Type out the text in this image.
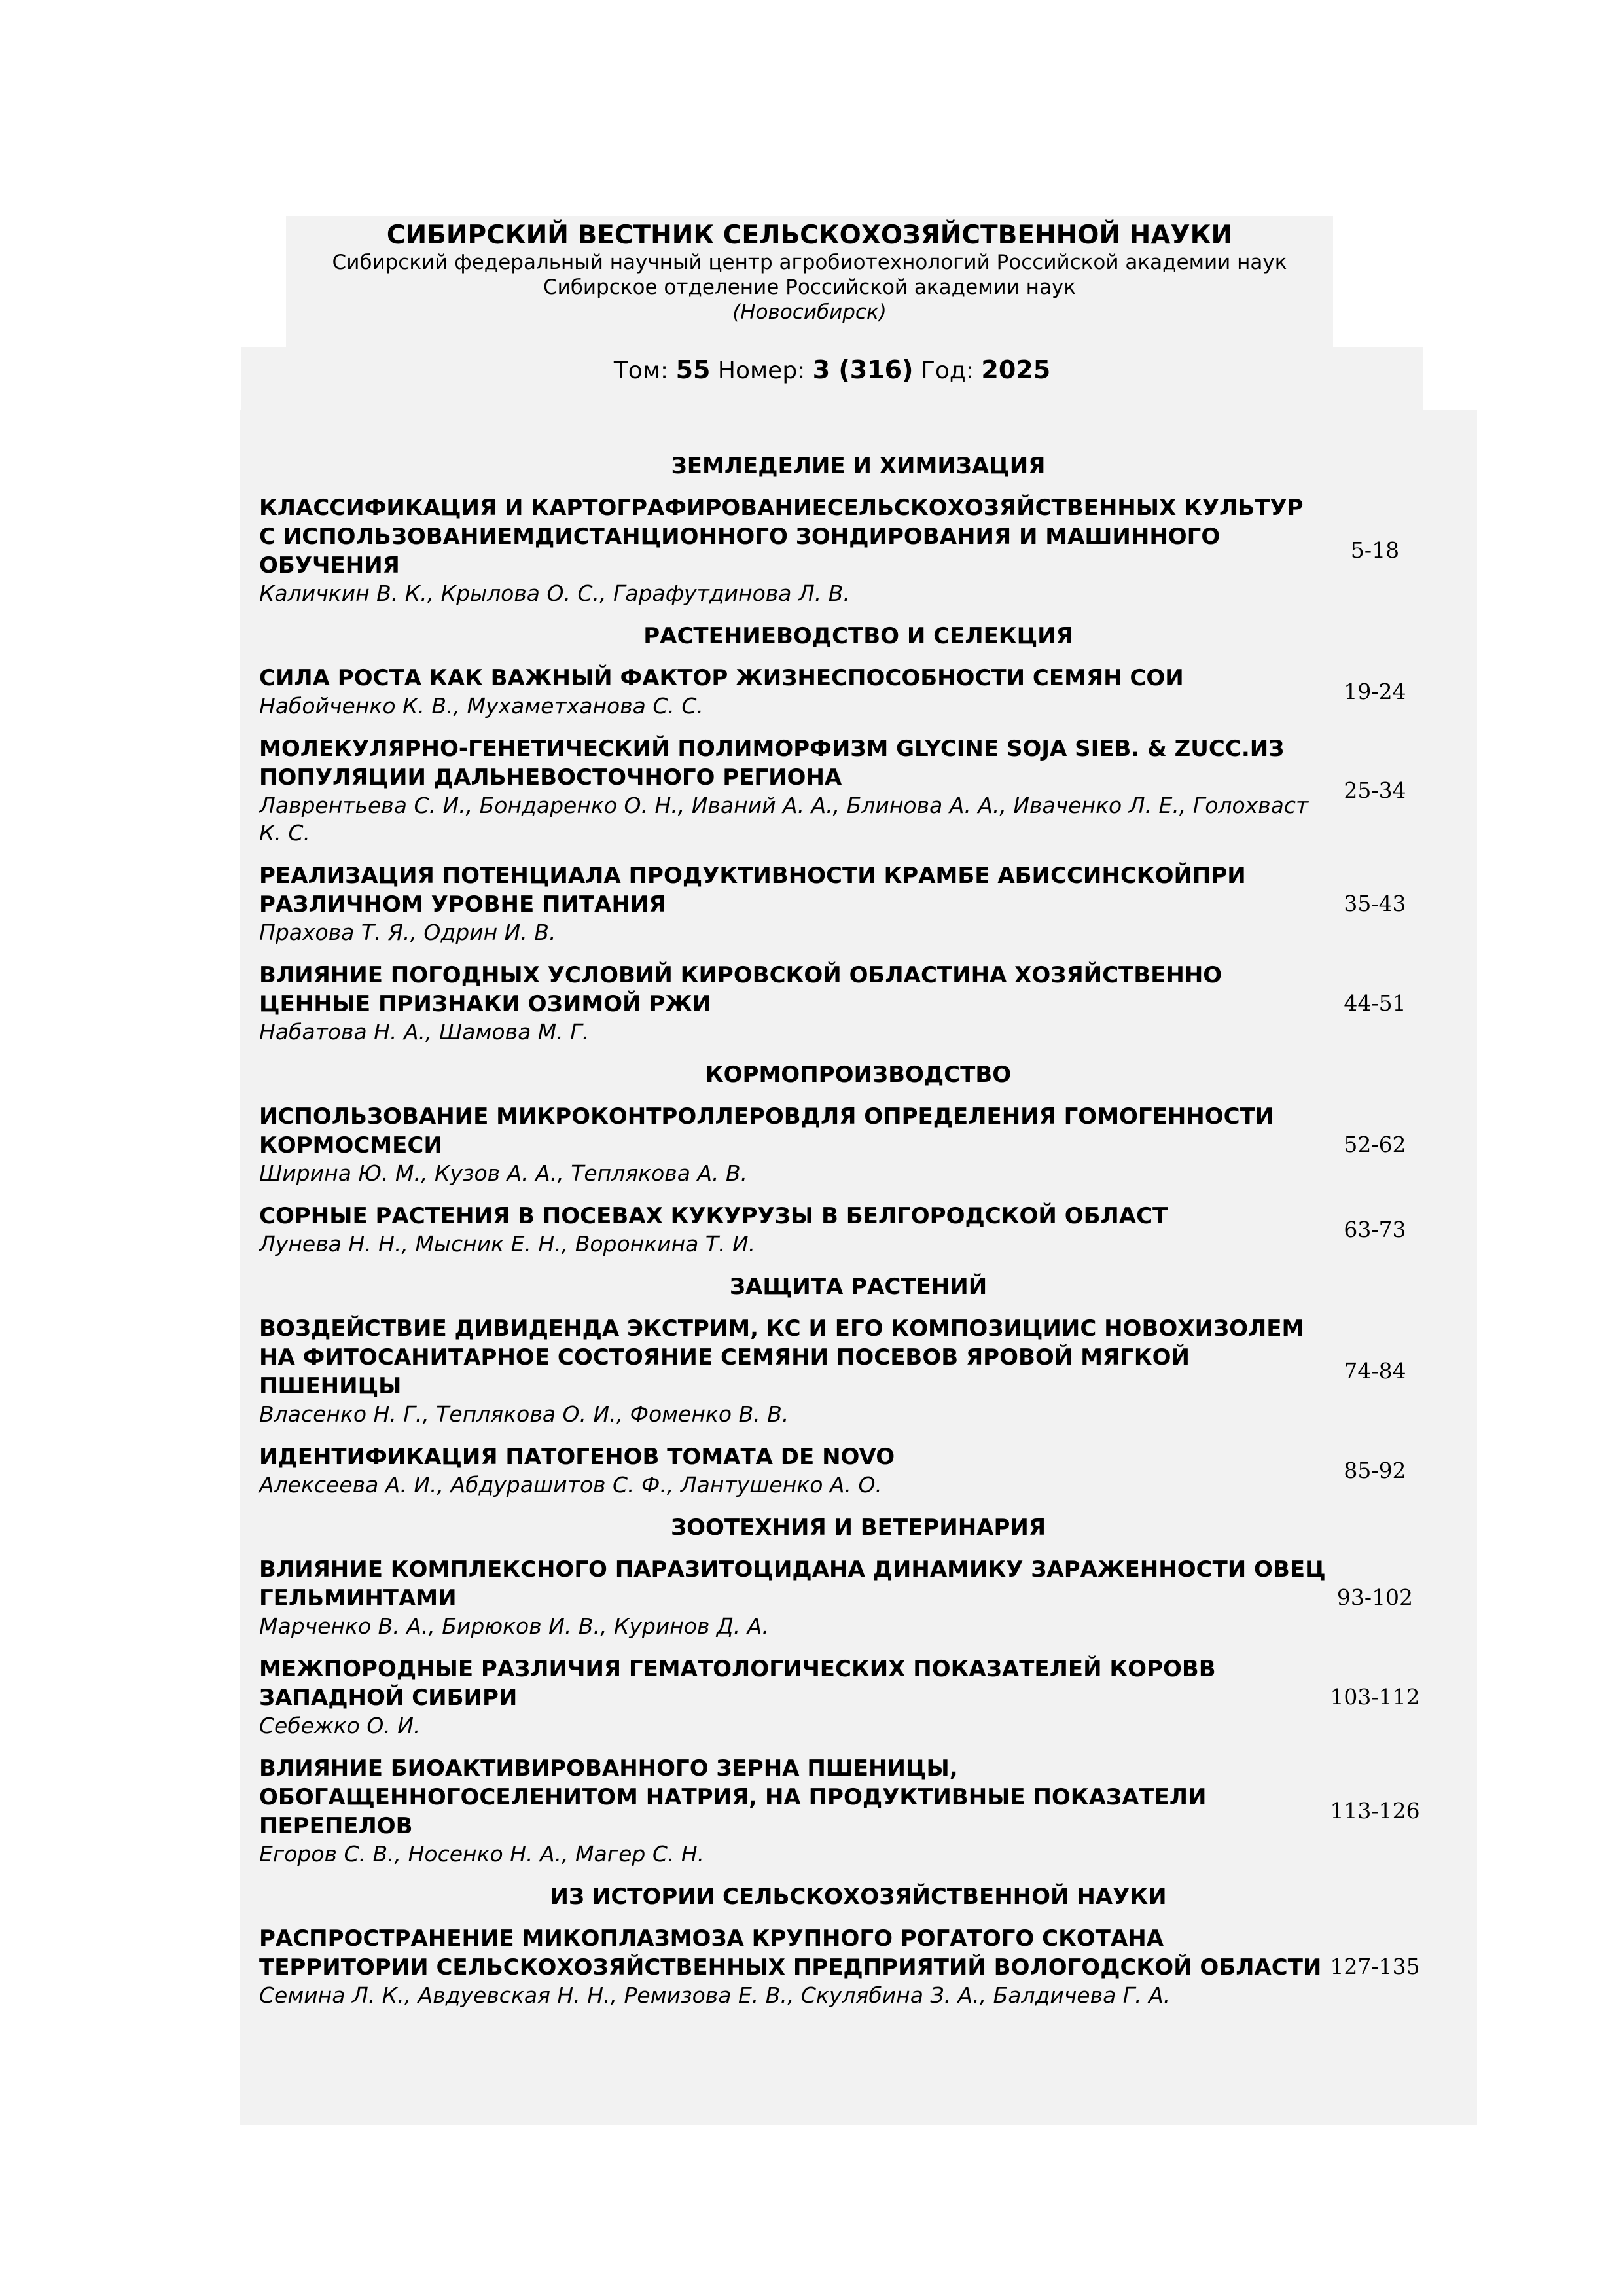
СИБИРСКИЙ ВЕСТНИК СЕЛЬСКОХОЗЯЙСТВЕННОЙ НАУКИ

Сибирский федеральный научный центр агробиотехнологий Российской академии наук

Сибирское отделение Российской академии наук

(Новосибирск)

Том: 55 Номер: 3 (316) Год: 2025
ЗЕМЛЕДЕЛИЕ И ХИМИЗАЦИЯ

КЛАССИФИКАЦИЯ И КАРТОГРАФИРОВАНИЕСЕЛЬСКОХОЗЯЙСТВЕННЫХ КУЛЬТУР С ИСПОЛЬЗОВАНИЕМДИСТАНЦИОННОГО ЗОНДИРОВАНИЯ И МАШИННОГО ОБУЧЕНИЯ

Каличкин В. К., Крылова О. С., Гарафутдинова Л. В.

5-18
РАСТЕНИЕВОДСТВО И СЕЛЕКЦИЯ

СИЛА РОСТА КАК ВАЖНЫЙ ФАКТОР ЖИЗНЕСПОСОБНОСТИ СЕМЯН СОИ

Набойченко К. В., Мухаметханова С. С.

19-24

МОЛЕКУЛЯРНО-ГЕНЕТИЧЕСКИЙ ПОЛИМОРФИЗМ GLYCINE SOJA SIEB. & ZUCC.ИЗ ПОПУЛЯЦИИ ДАЛЬНЕВОСТОЧНОГО РЕГИОНА

Лаврентьева С. И., Бондаренко О. Н., Иваний А. А., Блинова А. А., Иваченко Л. Е., Голохваст К. С.

25-34

РЕАЛИЗАЦИЯ ПОТЕНЦИАЛА ПРОДУКТИВНОСТИ КРАМБЕ АБИССИНСКОЙПРИ РАЗЛИЧНОМ УРОВНЕ ПИТАНИЯ

Прахова Т. Я., Одрин И. В.

35-43

ВЛИЯНИЕ ПОГОДНЫХ УСЛОВИЙ КИРОВСКОЙ ОБЛАСТИНА ХОЗЯЙСТВЕННО ЦЕННЫЕ ПРИЗНАКИ ОЗИМОЙ РЖИ

Набатова Н. А., Шамова М. Г.

44-51
КОРМОПРОИЗВОДСТВО

ИСПОЛЬЗОВАНИЕ МИКРОКОНТРОЛЛЕРОВДЛЯ ОПРЕДЕЛЕНИЯ ГОМОГЕННОСТИ КОРМОСМЕСИ

Ширина Ю. М., Кузов А. А., Теплякова А. В.

52-62

СОРНЫЕ РАСТЕНИЯ В ПОСЕВАХ КУКУРУЗЫ В БЕЛГОРОДСКОЙ ОБЛАСТ

Лунева Н. Н., Мысник Е. Н., Воронкина Т. И.

63-73
ЗАЩИТА РАСТЕНИЙ

ВОЗДЕЙСТВИЕ ДИВИДЕНДА ЭКСТРИМ, КС И ЕГО КОМПОЗИЦИИС НОВОХИЗОЛЕМ НА ФИТОСАНИТАРНОЕ СОСТОЯНИЕ СЕМЯНИ ПОСЕВОВ ЯРОВОЙ МЯГКОЙ ПШЕНИЦЫ

Власенко Н. Г., Теплякова О. И., Фоменко В. В.

74-84

ИДЕНТИФИКАЦИЯ ПАТОГЕНОВ ТОМАТА DE NOVO

Алексеева А. И., Абдурашитов С. Ф., Лантушенко А. О.

85-92
ЗООТЕХНИЯ И ВЕТЕРИНАРИЯ

ВЛИЯНИЕ КОМПЛЕКСНОГО ПАРАЗИТОЦИДАНА ДИНАМИКУ ЗАРАЖЕННОСТИ ОВЕЦ ГЕЛЬМИНТАМИ

Марченко В. А., Бирюков И. В., Куринов Д. А.

93-102

МЕЖПОРОДНЫЕ РАЗЛИЧИЯ ГЕМАТОЛОГИЧЕСКИХ ПОКАЗАТЕЛЕЙ КОРОВВ ЗАПАДНОЙ СИБИРИ

Себежко О. И.

103-112

ВЛИЯНИЕ БИОАКТИВИРОВАННОГО ЗЕРНА ПШЕНИЦЫ, ОБОГАЩЕННОГОСЕЛЕНИТОМ НАТРИЯ, НА ПРОДУКТИВНЫЕ ПОКАЗАТЕЛИ ПЕРЕПЕЛОВ

Егоров С. В., Носенко Н. А., Магер С. Н.

113-126
ИЗ ИСТОРИИ СЕЛЬСКОХОЗЯЙСТВЕННОЙ НАУКИ

РАСПРОСТРАНЕНИЕ МИКОПЛАЗМОЗА КРУПНОГО РОГАТОГО СКОТАНА ТЕРРИТОРИИ СЕЛЬСКОХОЗЯЙСТВЕННЫХ ПРЕДПРИЯТИЙ ВОЛОГОДСКОЙ ОБЛАСТИ

Семина Л. К., Авдуевская Н. Н., Ремизова Е. В., Скулябина З. А., Балдичева Г. А.

127-135
